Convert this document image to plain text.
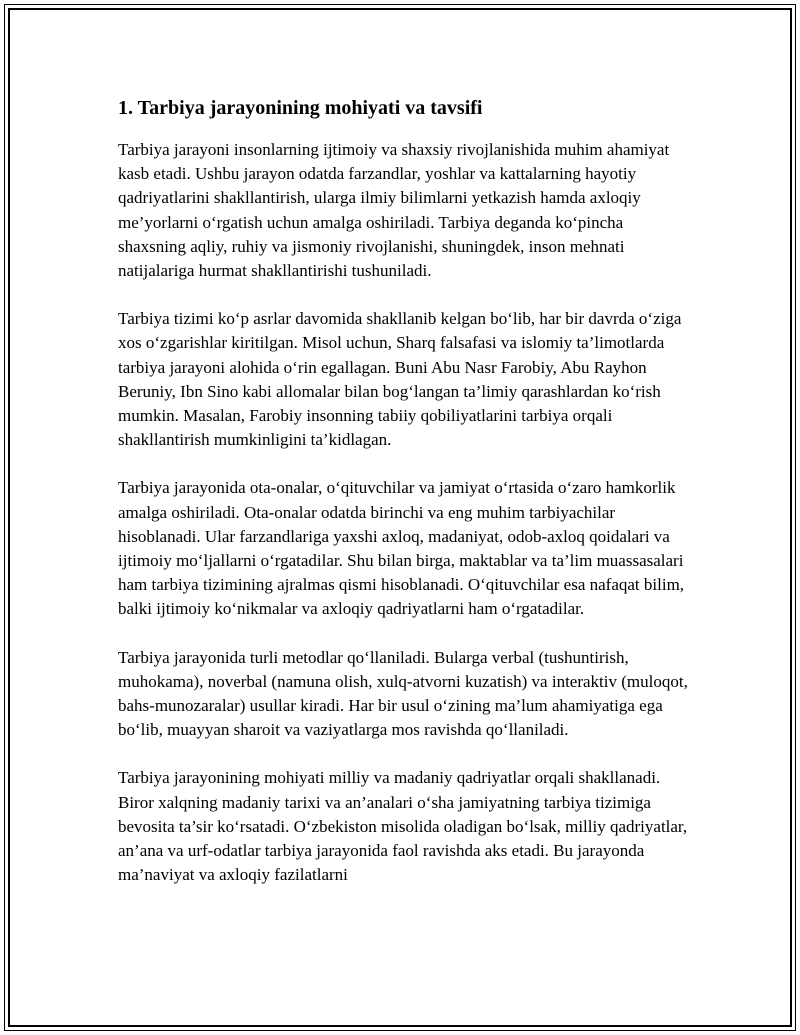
1. Tarbiya jarayonining mohiyati va tavsifi

Tarbiya jarayoni insonlarning ijtimoiy va shaxsiy rivojlanishida muhim ahamiyat kasb etadi. Ushbu jarayon odatda farzandlar, yoshlar va kattalarning hayotiy qadriyatlarini shakllantirish, ularga ilmiy bilimlarni yetkazish hamda axloqiy me’yorlarni o‘rgatish uchun amalga oshiriladi. Tarbiya deganda ko‘pincha shaxsning aqliy, ruhiy va jismoniy rivojlanishi, shuningdek, inson mehnati natijalariga hurmat shakllantirishi tushuniladi.

Tarbiya tizimi ko‘p asrlar davomida shakllanib kelgan bo‘lib, har bir davrda o‘ziga xos o‘zgarishlar kiritilgan. Misol uchun, Sharq falsafasi va islomiy ta’limotlarda tarbiya jarayoni alohida o‘rin egallagan. Buni Abu Nasr Farobiy, Abu Rayhon Beruniy, Ibn Sino kabi allomalar bilan bog‘langan ta’limiy qarashlardan ko‘rish mumkin. Masalan, Farobiy insonning tabiiy qobiliyatlarini tarbiya orqali shakllantirish mumkinligini ta’kidlagan.

Tarbiya jarayonida ota-onalar, o‘qituvchilar va jamiyat o‘rtasida o‘zaro hamkorlik amalga oshiriladi. Ota-onalar odatda birinchi va eng muhim tarbiyachilar hisoblanadi. Ular farzandlariga yaxshi axloq, madaniyat, odob-axloq qoidalari va ijtimoiy mo‘ljallarni o‘rgatadilar. Shu bilan birga, maktablar va ta’lim muassasalari ham tarbiya tizimining ajralmas qismi hisoblanadi. O‘qituvchilar esa nafaqat bilim, balki ijtimoiy ko‘nikmalar va axloqiy qadriyatlarni ham o‘rgatadilar.

Tarbiya jarayonida turli metodlar qo‘llaniladi. Bularga verbal (tushuntirish, muhokama), noverbal (namuna olish, xulq-atvorni kuzatish) va interaktiv (muloqot, bahs-munozaralar) usullar kiradi. Har bir usul o‘zining ma’lum ahamiyatiga ega bo‘lib, muayyan sharoit va vaziyatlarga mos ravishda qo‘llaniladi.

Tarbiya jarayonining mohiyati milliy va madaniy qadriyatlar orqali shakllanadi. Biror xalqning madaniy tarixi va an’analari o‘sha jamiyatning tarbiya tizimiga bevosita ta’sir ko‘rsatadi. O‘zbekiston misolida oladigan bo‘lsak, milliy qadriyatlar, an’ana va urf-odatlar tarbiya jarayonida faol ravishda aks etadi. Bu jarayonda ma’naviyat va axloqiy fazilatlarni
